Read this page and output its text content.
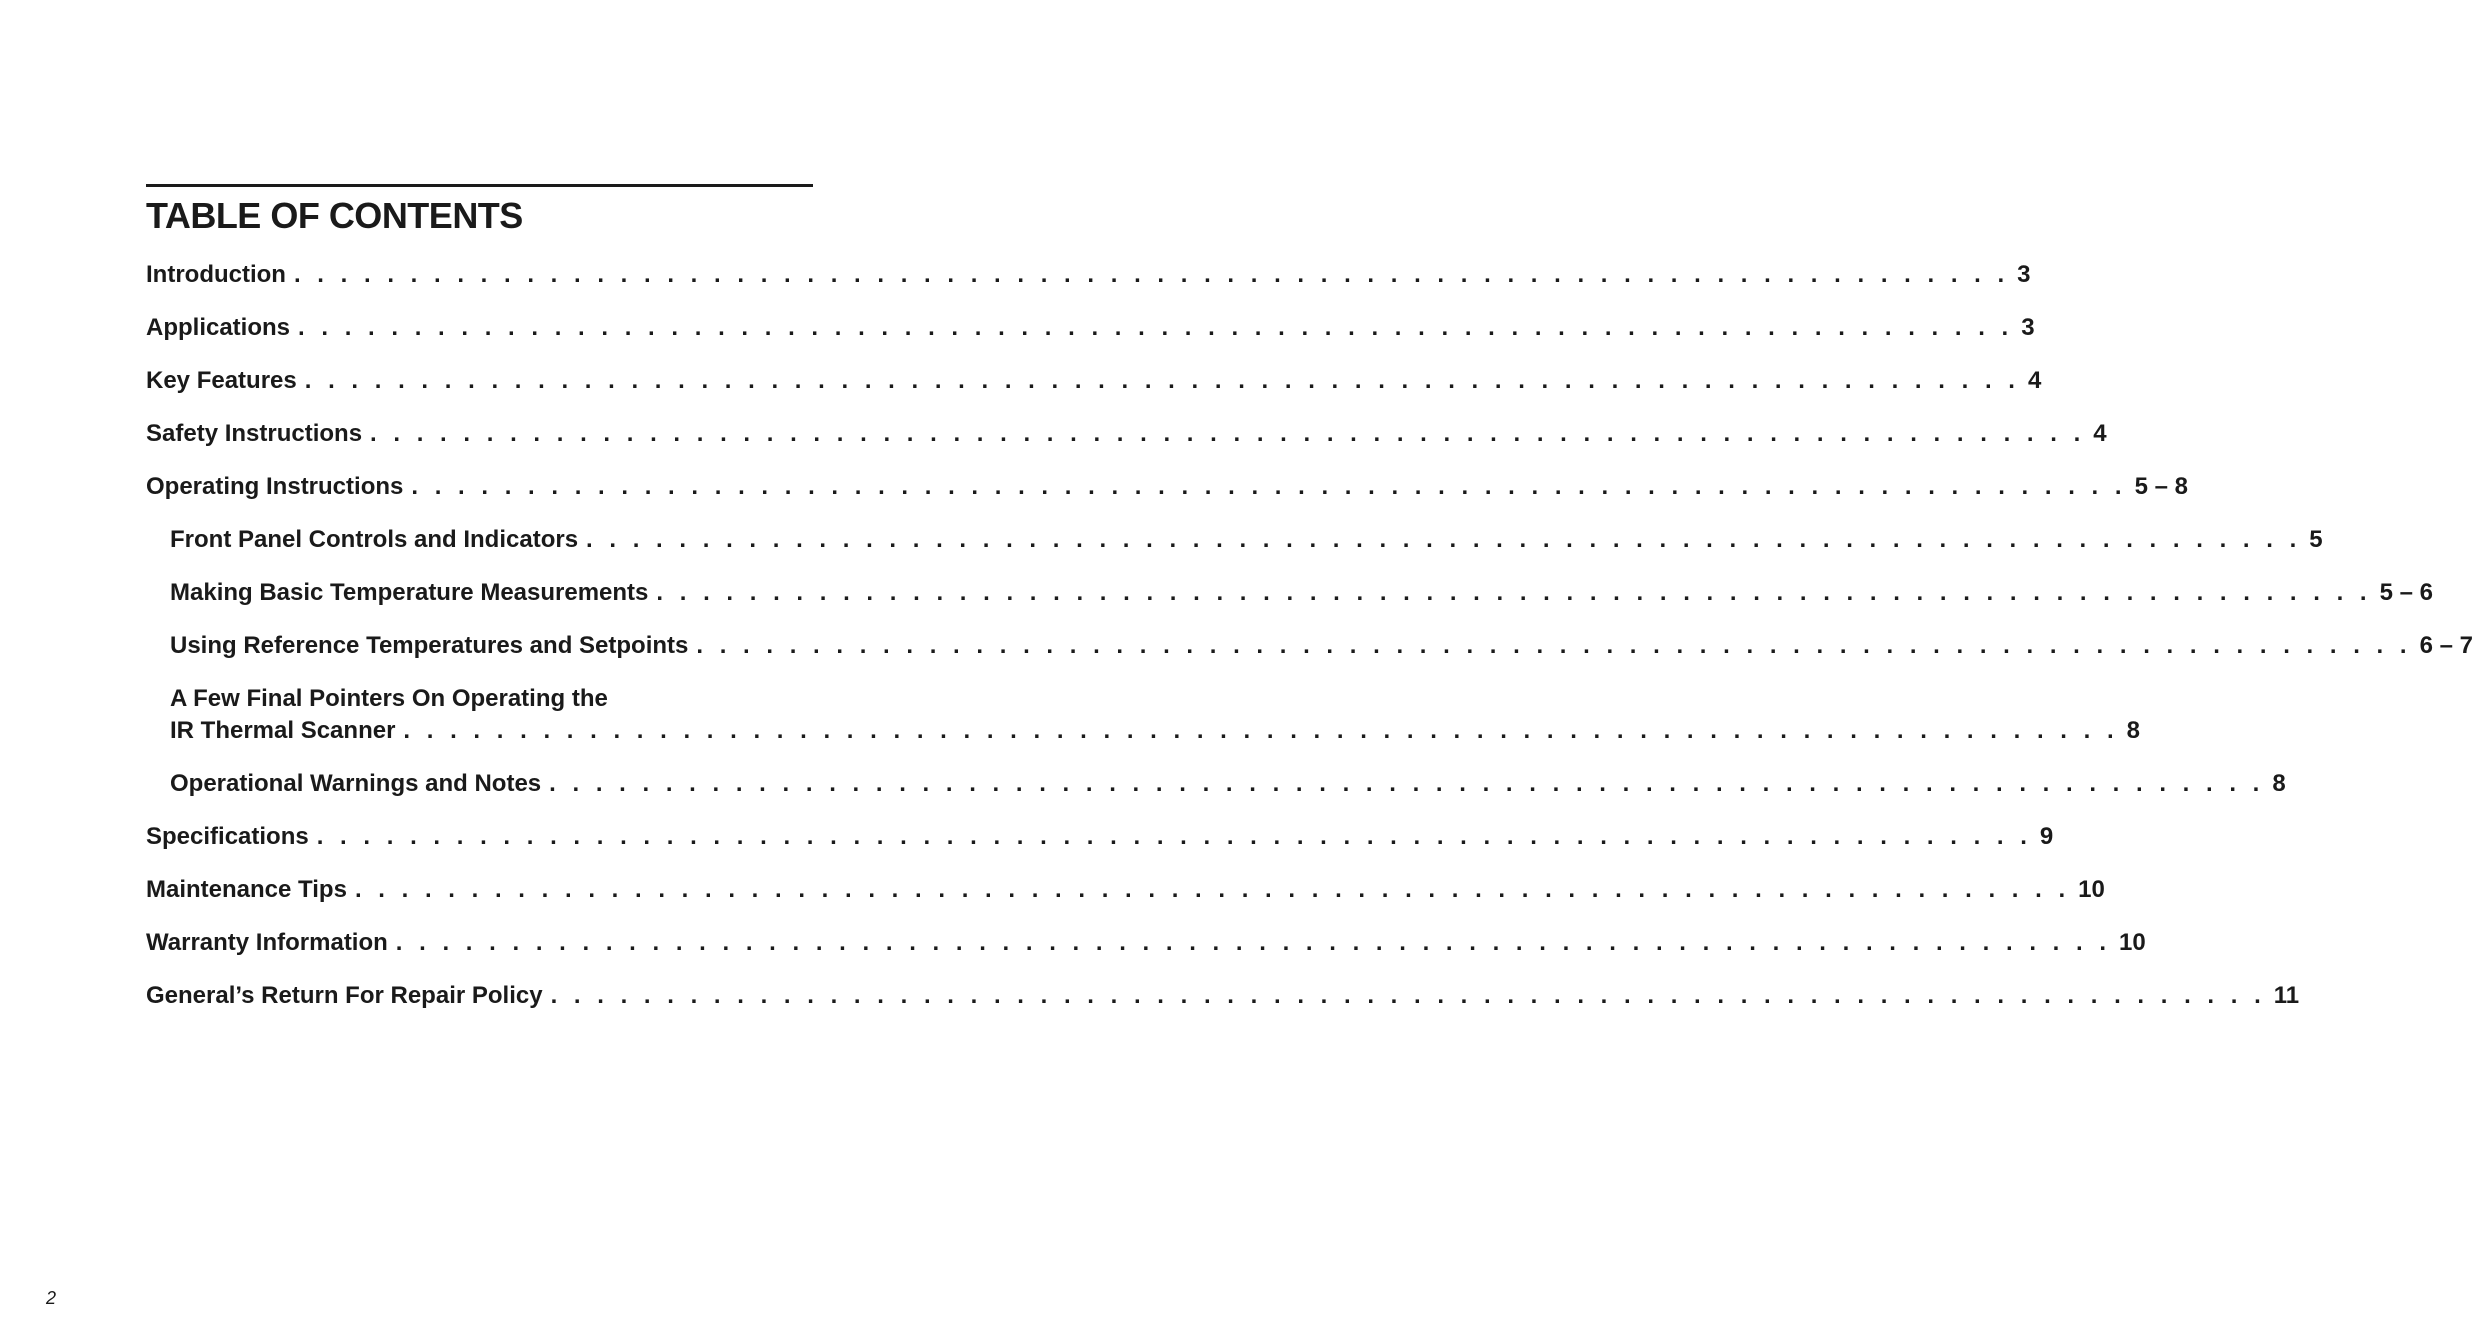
TABLE OF CONTENTS
Introduction . . . . . . . . . . . . . . . . . . . . . . . . . . . . . . . . . . . . . . . . . . . . . . . . . . . . . . . . . . . . . . . . . . . . . . . . . . 3
Applications . . . . . . . . . . . . . . . . . . . . . . . . . . . . . . . . . . . . . . . . . . . . . . . . . . . . . . . . . . . . . . . . . . . . . . . . . . 3
Key Features . . . . . . . . . . . . . . . . . . . . . . . . . . . . . . . . . . . . . . . . . . . . . . . . . . . . . . . . . . . . . . . . . . . . . . . . . . 4
Safety Instructions . . . . . . . . . . . . . . . . . . . . . . . . . . . . . . . . . . . . . . . . . . . . . . . . . . . . . . . . . . . . . . . . . . . . . . . . . . 4
Operating Instructions . . . . . . . . . . . . . . . . . . . . . . . . . . . . . . . . . . . . . . . . . . . . . . . . . . . . . . . . . . . . . . . . . . . . . . . . . . 5 – 8
Front Panel Controls and Indicators . . . . . . . . . . . . . . . . . . . . . . . . . . . . . . . . . . . . . . . . . . . . . . . . . . . . . . . . . . . . . . . . . . . . . . . . . . 5
Making Basic Temperature Measurements . . . . . . . . . . . . . . . . . . . . . . . . . . . . . . . . . . . . . . . . . . . . . . . . . . . . . . . . . . . . . . . . . . . . . . . . . . 5 – 6
Using Reference Temperatures and Setpoints . . . . . . . . . . . . . . . . . . . . . . . . . . . . . . . . . . . . . . . . . . . . . . . . . . . . . . . . . . . . . . . . . . . . . . . . . . 6 – 7
A Few Final Pointers On Operating the
IR Thermal Scanner . . . . . . . . . . . . . . . . . . . . . . . . . . . . . . . . . . . . . . . . . . . . . . . . . . . . . . . . . . . . . . . . . . . . . . . . . . 8
Operational Warnings and Notes . . . . . . . . . . . . . . . . . . . . . . . . . . . . . . . . . . . . . . . . . . . . . . . . . . . . . . . . . . . . . . . . . . . . . . . . . . 8
Specifications . . . . . . . . . . . . . . . . . . . . . . . . . . . . . . . . . . . . . . . . . . . . . . . . . . . . . . . . . . . . . . . . . . . . . . . . . . 9
Maintenance Tips . . . . . . . . . . . . . . . . . . . . . . . . . . . . . . . . . . . . . . . . . . . . . . . . . . . . . . . . . . . . . . . . . . . . . . . . . . 10
Warranty Information . . . . . . . . . . . . . . . . . . . . . . . . . . . . . . . . . . . . . . . . . . . . . . . . . . . . . . . . . . . . . . . . . . . . . . . . . . 10
General’s Return For Repair Policy . . . . . . . . . . . . . . . . . . . . . . . . . . . . . . . . . . . . . . . . . . . . . . . . . . . . . . . . . . . . . . . . . . . . . . . . . . 11
2
